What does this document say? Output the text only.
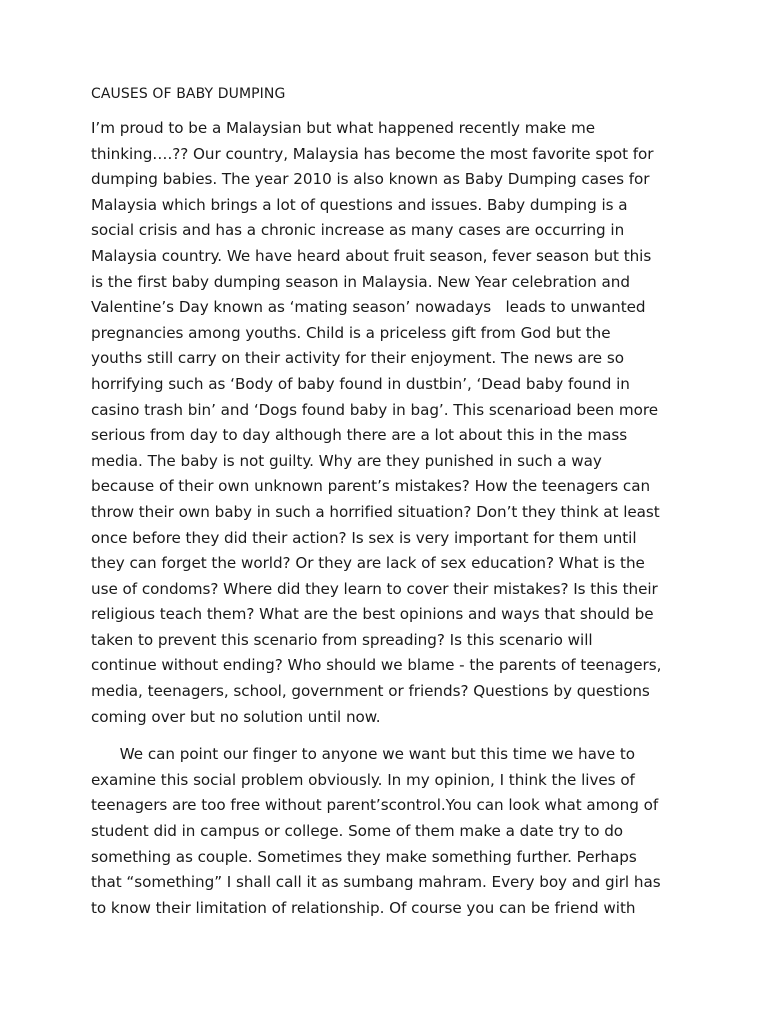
CAUSES OF BABY DUMPING
I’m proud to be a Malaysian but what happened recently make me
thinking….?? Our country, Malaysia has become the most favorite spot for
dumping babies. The year 2010 is also known as Baby Dumping cases for
Malaysia which brings a lot of questions and issues. Baby dumping is a
social crisis and has a chronic increase as many cases are occurring in
Malaysia country. We have heard about fruit season, fever season but this
is the first baby dumping season in Malaysia. New Year celebration and
Valentine’s Day known as ‘mating season’ nowadays   leads to unwanted
pregnancies among youths. Child is a priceless gift from God but the
youths still carry on their activity for their enjoyment. The news are so
horrifying such as ‘Body of baby found in dustbin’, ‘Dead baby found in
casino trash bin’ and ‘Dogs found baby in bag’. This scenarioad been more
serious from day to day although there are a lot about this in the mass
media. The baby is not guilty. Why are they punished in such a way
because of their own unknown parent’s mistakes? How the teenagers can
throw their own baby in such a horrified situation? Don’t they think at least
once before they did their action? Is sex is very important for them until
they can forget the world? Or they are lack of sex education? What is the
use of condoms? Where did they learn to cover their mistakes? Is this their
religious teach them? What are the best opinions and ways that should be
taken to prevent this scenario from spreading? Is this scenario will
continue without ending? Who should we blame - the parents of teenagers,
media, teenagers, school, government or friends? Questions by questions
coming over but no solution until now.
We can point our finger to anyone we want but this time we have to
examine this social problem obviously. In my opinion, I think the lives of
teenagers are too free without parent’scontrol.You can look what among of
student did in campus or college. Some of them make a date try to do
something as couple. Sometimes they make something further. Perhaps
that “something” I shall call it as sumbang mahram. Every boy and girl has
to know their limitation of relationship. Of course you can be friend with
